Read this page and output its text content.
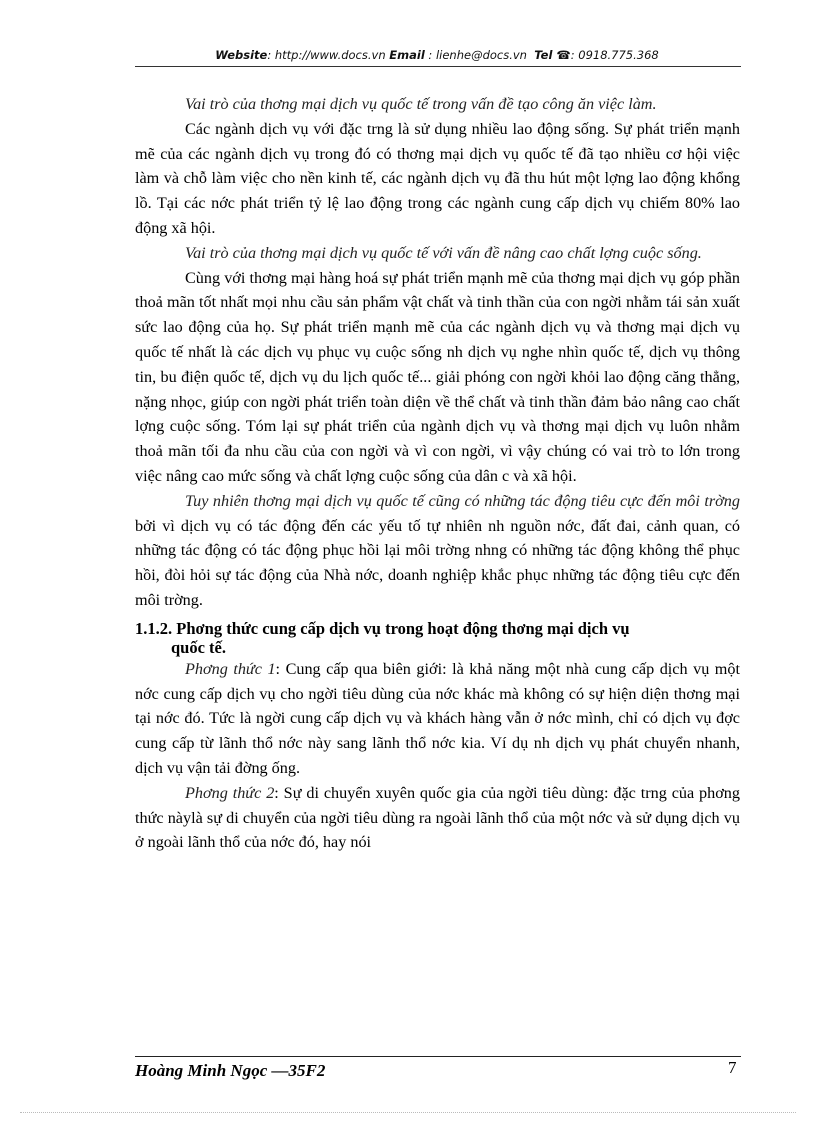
Website: http://www.docs.vn Email : lienhe@docs.vn Tel ☎: 0918.775.368

Vai trò của thơng mại dịch vụ quốc tế trong vấn đề tạo công ăn việc làm.

Các ngành dịch vụ với đặc trng là sử dụng nhiều lao động sống. Sự phát triển mạnh mẽ của các ngành dịch vụ trong đó có thơng mại dịch vụ quốc tế đã tạo nhiều cơ hội việc làm và chỗ làm việc cho nền kinh tế, các ngành dịch vụ đã thu hút một lợng lao động khổng lồ. Tại các nớc phát triển tỷ lệ lao động trong các ngành cung cấp dịch vụ chiếm 80% lao động xã hội.

Vai trò của thơng mại dịch vụ quốc tế với vấn đề nâng cao chất lợng cuộc sống.

Cùng với thơng mại hàng hoá sự phát triển mạnh mẽ của thơng mại dịch vụ góp phần thoả mãn tốt nhất mọi nhu cầu sản phẩm vật chất và tinh thần của con ngời nhằm tái sản xuất sức lao động của họ. Sự phát triển mạnh mẽ của các ngành dịch vụ và thơng mại dịch vụ quốc tế nhất là các dịch vụ phục vụ cuộc sống nh dịch vụ nghe nhìn quốc tế, dịch vụ thông tin, bu điện quốc tế, dịch vụ du lịch quốc tế... giải phóng con ngời khỏi lao động căng thẳng, nặng nhọc, giúp con ngời phát triển toàn diện về thể chất và tinh thần đảm bảo nâng cao chất lợng cuộc sống. Tóm lại sự phát triển của ngành dịch vụ và thơng mại dịch vụ luôn nhằm thoả mãn tối đa nhu cầu của con ngời và vì con ngời, vì vậy chúng có vai trò to lớn trong việc nâng cao mức sống và chất lợng cuộc sống của dân c và xã hội.

Tuy nhiên thơng mại dịch vụ quốc tế cũng có những tác động tiêu cực đến môi trờng bởi vì dịch vụ có tác động đến các yếu tố tự nhiên nh nguồn nớc, đất đai, cảnh quan, có những tác động có tác động phục hồi lại môi trờng nhng có những tác động không thể phục hồi, đòi hỏi sự tác động của Nhà nớc, doanh nghiệp khắc phục những tác động tiêu cực đến môi trờng.

1.1.2. Phơng thức cung cấp dịch vụ trong hoạt động thơng mại dịch vụ
quốc tế.

Phơng thức 1: Cung cấp qua biên giới: là khả năng một nhà cung cấp dịch vụ một nớc cung cấp dịch vụ cho ngời tiêu dùng của nớc khác mà không có sự hiện diện thơng mại tại nớc đó. Tức là ngời cung cấp dịch vụ và khách hàng vẫn ở nớc mình, chỉ có dịch vụ đợc cung cấp từ lãnh thổ nớc này sang lãnh thổ nớc kia. Ví dụ nh dịch vụ phát chuyển nhanh, dịch vụ vận tải đờng ống.

Phơng thức 2: Sự di chuyển xuyên quốc gia của ngời tiêu dùng: đặc trng của phơng thức nàylà sự di chuyển của ngời tiêu dùng ra ngoài lãnh thổ của một nớc và sử dụng dịch vụ ở ngoài lãnh thổ của nớc đó, hay nói

Hoàng Minh Ngọc —35F2	7
